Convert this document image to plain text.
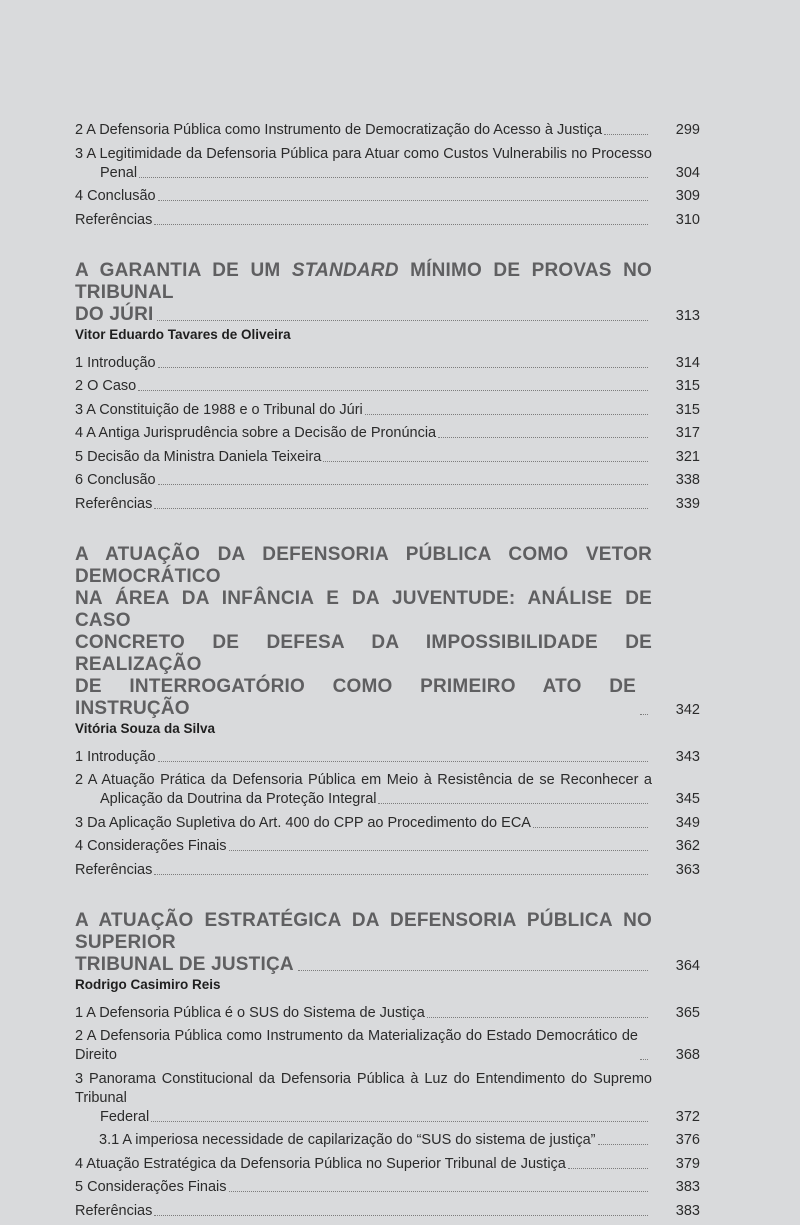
2 A Defensoria Pública como Instrumento de Democratização do Acesso à Justiça	299
3 A Legitimidade da Defensoria Pública para Atuar como Custos Vulnerabilis no Processo
Penal	304
4 Conclusão	309
Referências	310
A GARANTIA DE UM STANDARD MÍNIMO DE PROVAS NO TRIBUNAL
DO JÚRI	313
Vitor Eduardo Tavares de Oliveira
1 Introdução	314
2 O Caso	315
3 A Constituição de 1988 e o Tribunal do Júri	315
4 A Antiga Jurisprudência sobre a Decisão de Pronúncia	317
5 Decisão da Ministra Daniela Teixeira	321
6 Conclusão	338
Referências	339
A ATUAÇÃO DA DEFENSORIA PÚBLICA COMO VETOR DEMOCRÁTICO
NA ÁREA DA INFÂNCIA E DA JUVENTUDE: ANÁLISE DE CASO
CONCRETO DE DEFESA DA IMPOSSIBILIDADE DE REALIZAÇÃO
DE INTERROGATÓRIO COMO PRIMEIRO ATO DE INSTRUÇÃO	342
Vitória Souza da Silva
1 Introdução	343
2 A Atuação Prática da Defensoria Pública em Meio à Resistência de se Reconhecer a
Aplicação da Doutrina da Proteção Integral	345
3 Da Aplicação Supletiva do Art. 400 do CPP ao Procedimento do ECA	349
4 Considerações Finais	362
Referências	363
A ATUAÇÃO ESTRATÉGICA DA DEFENSORIA PÚBLICA NO SUPERIOR
TRIBUNAL DE JUSTIÇA	364
Rodrigo Casimiro Reis
1 A Defensoria Pública é o SUS do Sistema de Justiça	365
2 A Defensoria Pública como Instrumento da Materialização do Estado Democrático de Direito	368
3 Panorama Constitucional da Defensoria Pública à Luz do Entendimento do Supremo Tribunal
Federal	372
3.1 A imperiosa necessidade de capilarização do “SUS do sistema de justiça”	376
4 Atuação Estratégica da Defensoria Pública no Superior Tribunal de Justiça	379
5 Considerações Finais	383
Referências	383
